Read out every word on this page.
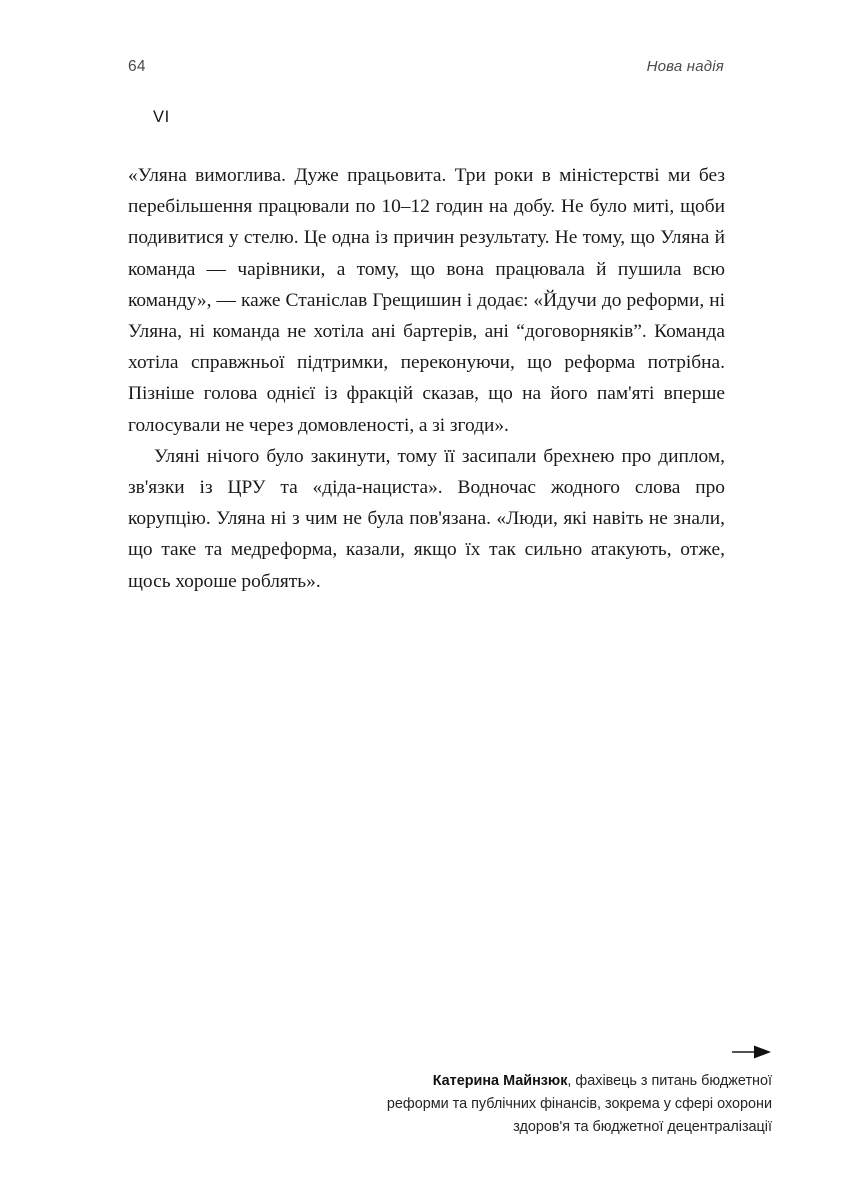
64	Нова надія
VI

«Уляна вимоглива. Дуже працьовита. Три роки в міністерстві ми без перебільшення працювали по 10–12 годин на добу. Не було миті, щоби подивитися у стелю. Це одна із причин результату. Не тому, що Уляна й команда — чарівники, а тому, що вона працювала й пушила всю команду», — каже Станіслав Грещишин і додає: «Йдучи до реформи, ні Уляна, ні команда не хотіла ані бартерів, ані “договорняків”. Команда хотіла справжньої підтримки, переконуючи, що реформа потрібна. Пізніше голова однієї із фракцій сказав, що на його пам'яті вперше голосували не через домовленості, а зі згоди».

Уляні нічого було закинути, тому її засипали брехнею про диплом, зв'язки із ЦРУ та «діда-нациста». Водночас жодного слова про корупцію. Уляна ні з чим не була пов'язана. «Люди, які навіть не знали, що таке та медреформа, казали, якщо їх так сильно атакують, отже, щось хороше роблять».

Катерина Майнзюк, фахівець з питань бюджетної реформи та публічних фінансів, зокрема у сфері охорони здоров'я та бюджетної децентралізації
